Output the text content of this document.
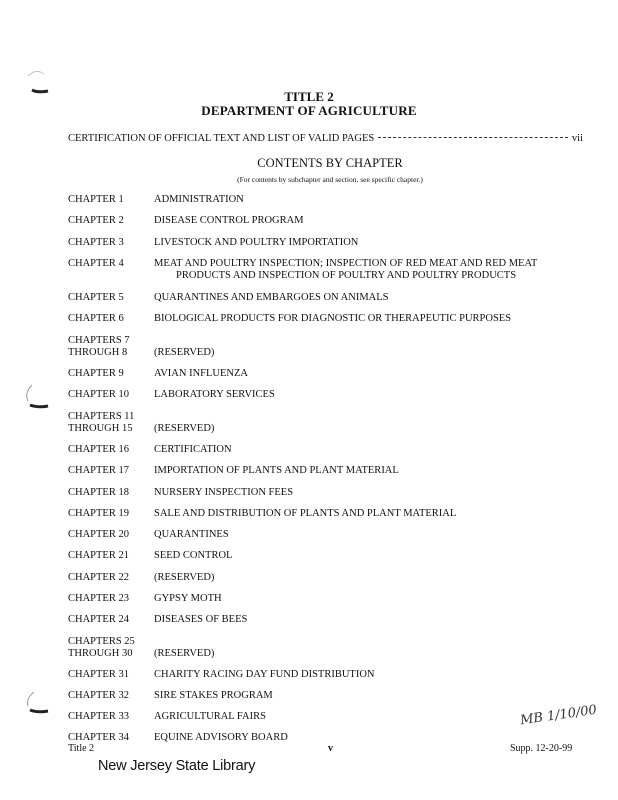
TITLE 2
DEPARTMENT OF AGRICULTURE
CERTIFICATION OF OFFICIAL TEXT AND LIST OF VALID PAGES	vii
CONTENTS BY CHAPTER
(For contents by subchapter and section, see specific chapter.)
CHAPTER 1	ADMINISTRATION
CHAPTER 2	DISEASE CONTROL PROGRAM
CHAPTER 3	LIVESTOCK AND POULTRY IMPORTATION
CHAPTER 4	MEAT AND POULTRY INSPECTION; INSPECTION OF RED MEAT AND RED MEAT
PRODUCTS AND INSPECTION OF POULTRY AND POULTRY PRODUCTS
CHAPTER 5	QUARANTINES AND EMBARGOES ON ANIMALS
CHAPTER 6	BIOLOGICAL PRODUCTS FOR DIAGNOSTIC OR THERAPEUTIC PURPOSES
CHAPTERS 7
THROUGH 8	(RESERVED)
CHAPTER 9	AVIAN INFLUENZA
CHAPTER 10	LABORATORY SERVICES
CHAPTERS 11
THROUGH 15	(RESERVED)
CHAPTER 16	CERTIFICATION
CHAPTER 17	IMPORTATION OF PLANTS AND PLANT MATERIAL
CHAPTER 18	NURSERY INSPECTION FEES
CHAPTER 19	SALE AND DISTRIBUTION OF PLANTS AND PLANT MATERIAL
CHAPTER 20	QUARANTINES
CHAPTER 21	SEED CONTROL
CHAPTER 22	(RESERVED)
CHAPTER 23	GYPSY MOTH
CHAPTER 24	DISEASES OF BEES
CHAPTERS 25
THROUGH 30	(RESERVED)
CHAPTER 31	CHARITY RACING DAY FUND DISTRIBUTION
CHAPTER 32	SIRE STAKES PROGRAM
CHAPTER 33	AGRICULTURAL FAIRS
CHAPTER 34	EQUINE ADVISORY BOARD
MB 1/10/00
Title 2	v	Supp. 12-20-99
New Jersey State Library
